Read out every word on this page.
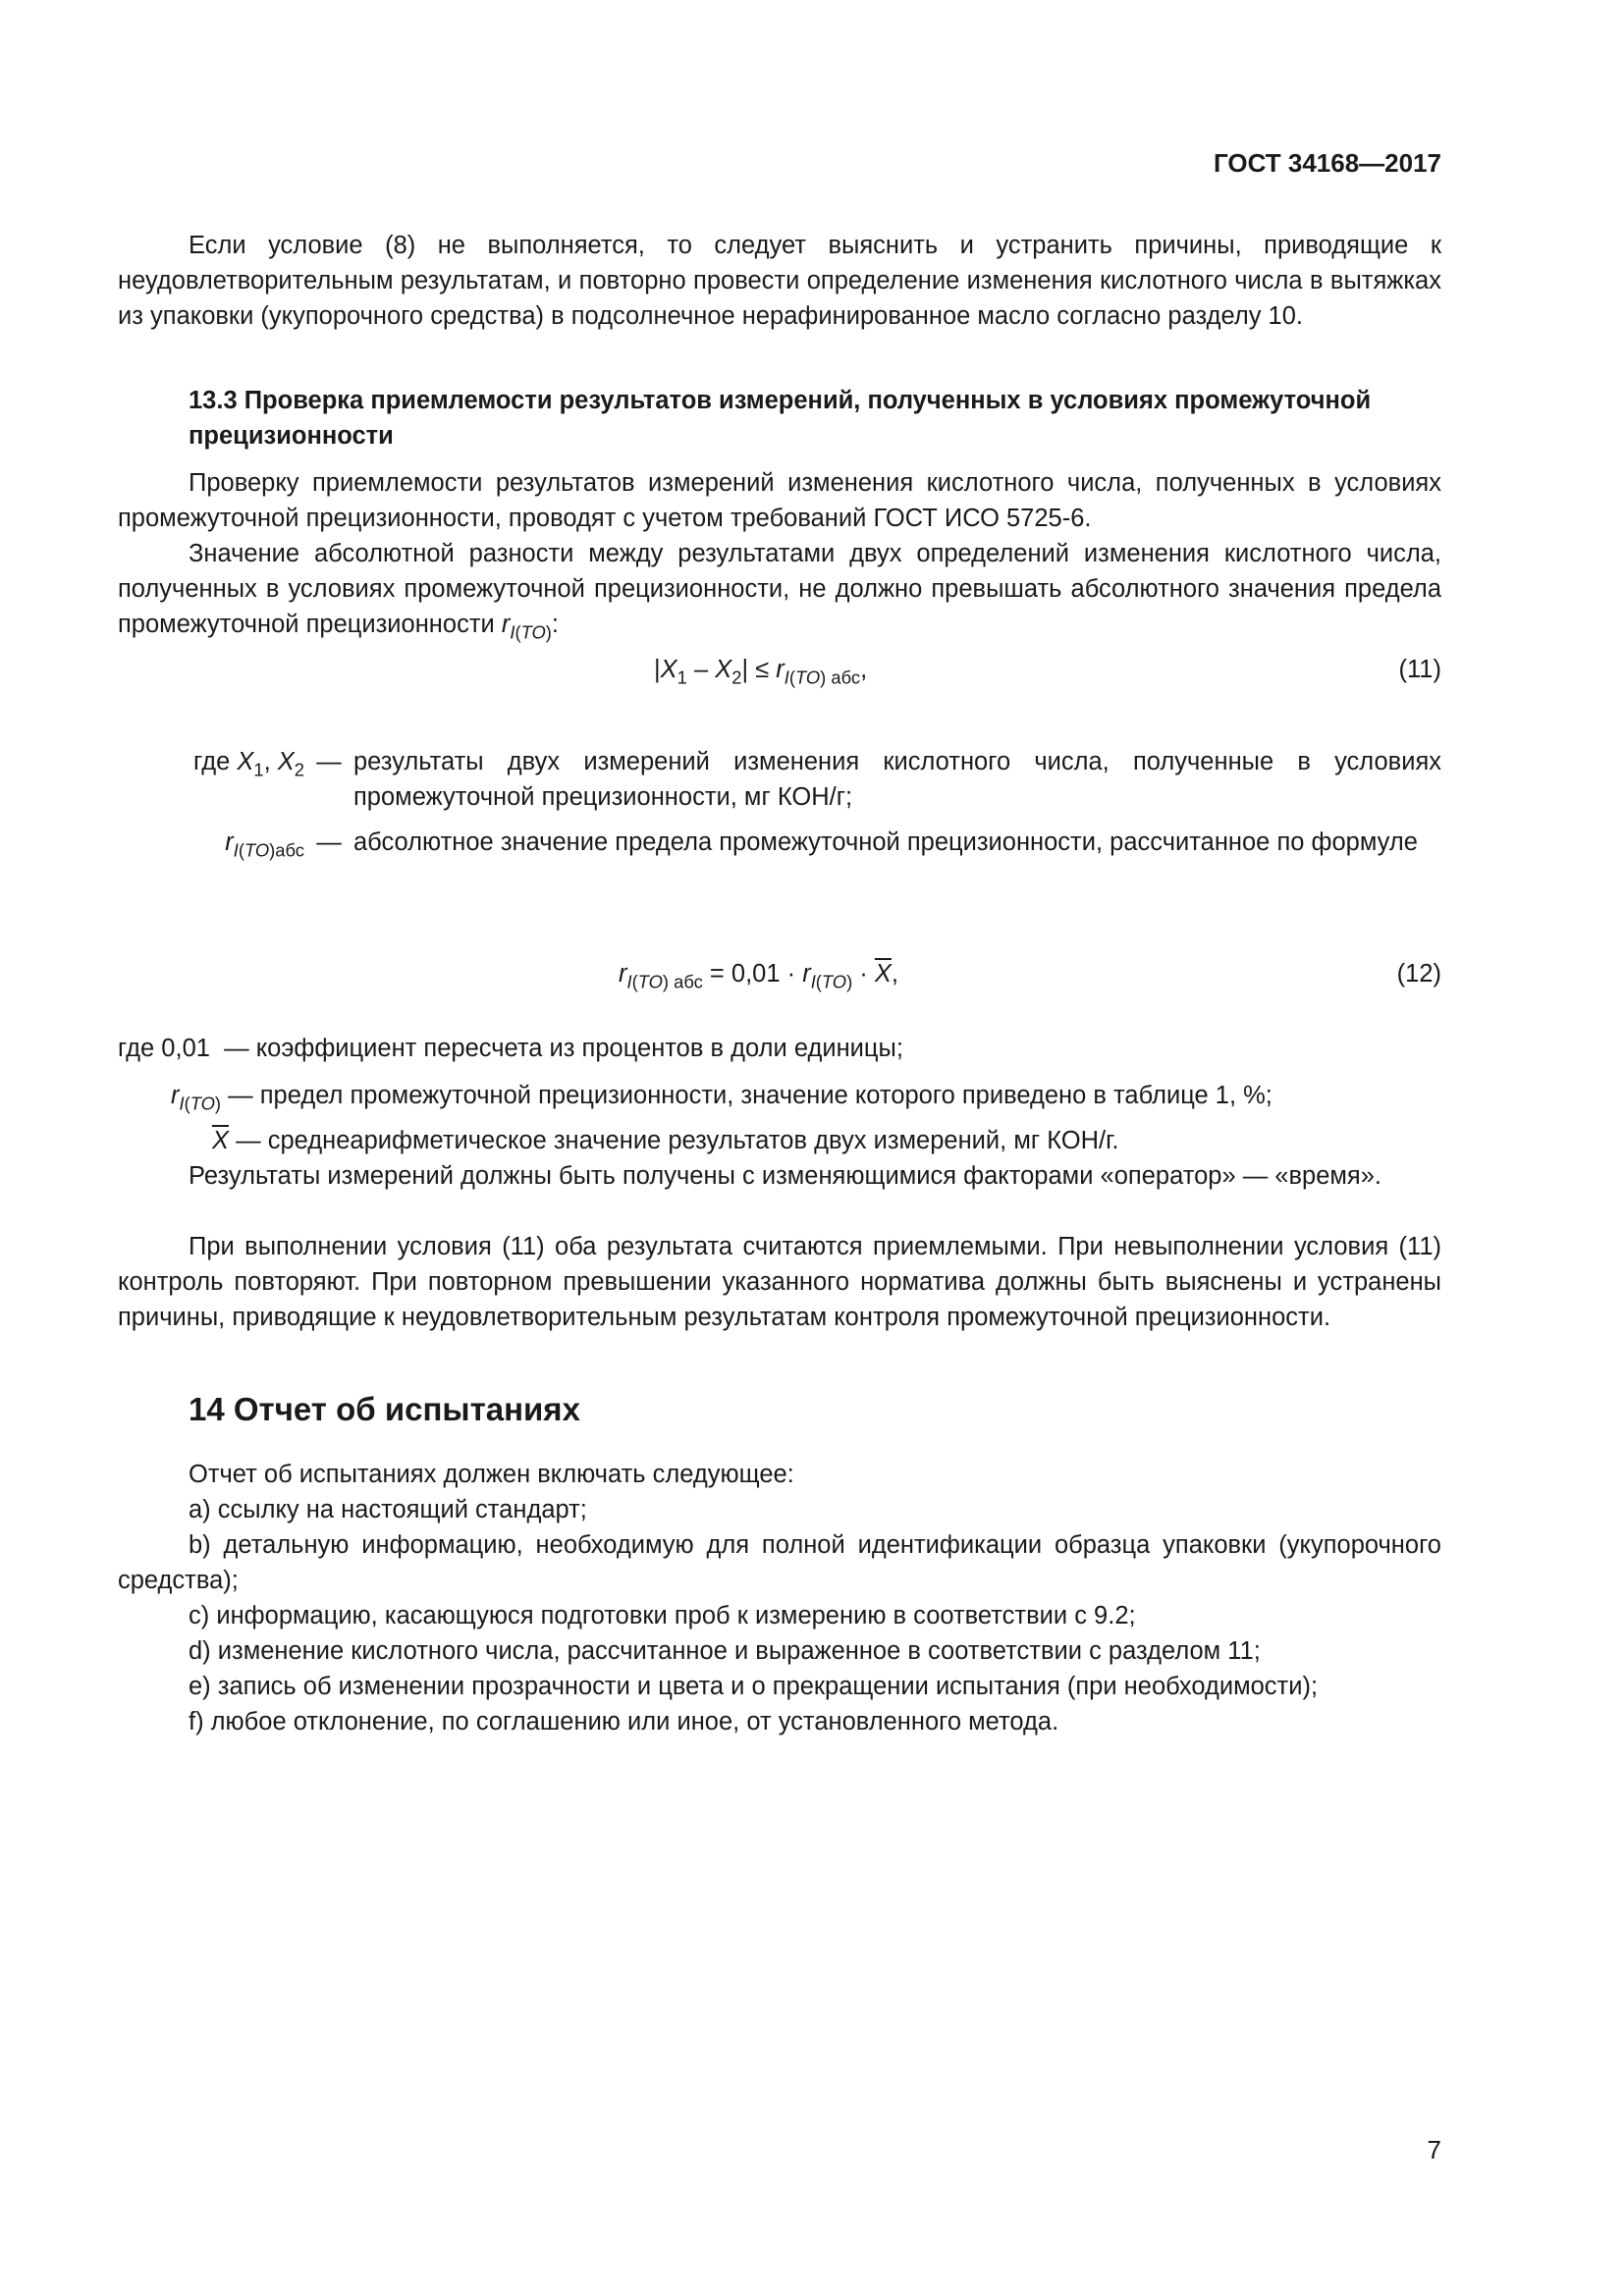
ГОСТ 34168—2017
Если условие (8) не выполняется, то следует выяснить и устранить причины, приводящие к неудовлетворительным результатам, и повторно провести определение изменения кислотного числа в вытяжках из упаковки (укупорочного средства) в подсолнечное нерафинированное масло согласно разделу 10.
13.3 Проверка приемлемости результатов измерений, полученных в условиях промежуточной прецизионности
Проверку приемлемости результатов измерений изменения кислотного числа, полученных в условиях промежуточной прецизионности, проводят с учетом требований ГОСТ ИСО 5725-6.
Значение абсолютной разности между результатами двух определений изменения кислотного числа, полученных в условиях промежуточной прецизионности, не должно превышать абсолютного значения предела промежуточной прецизионности $r_{I(TO)}$:
$|X_1 - X_2| \le r_{I(TO) абс}$,	(11)
где $X_1$, $X_2$ — результаты двух измерений изменения кислотного числа, полученные в условиях промежуточной прецизионности, мг КОН/г;
$r_{I(TO)абс}$ — абсолютное значение предела промежуточной прецизионности, рассчитанное по формуле
$r_{I(TO) абс} = 0,01 \cdot r_{I(TO)} \cdot \overline{X}$,	(12)
где 0,01  — коэффициент пересчета из процентов в доли единицы;
$r_{I(TO)}$ — предел промежуточной прецизионности, значение которого приведено в таблице 1, %;
$\overline{X}$ — среднеарифметическое значение результатов двух измерений, мг КОН/г.
Результаты измерений должны быть получены с изменяющимися факторами «оператор» — «время».
При выполнении условия (11) оба результата считаются приемлемыми. При невыполнении условия (11) контроль повторяют. При повторном превышении указанного норматива должны быть выяснены и устранены причины, приводящие к неудовлетворительным результатам контроля промежуточной прецизионности.
14 Отчет об испытаниях
Отчет об испытаниях должен включать следующее:
a) ссылку на настоящий стандарт;
b) детальную информацию, необходимую для полной идентификации образца упаковки (укупорочного средства);
c) информацию, касающуюся подготовки проб к измерению в соответствии с 9.2;
d) изменение кислотного числа, рассчитанное и выраженное в соответствии с разделом 11;
e) запись об изменении прозрачности и цвета и о прекращении испытания (при необходимости);
f) любое отклонение, по соглашению или иное, от установленного метода.
7
